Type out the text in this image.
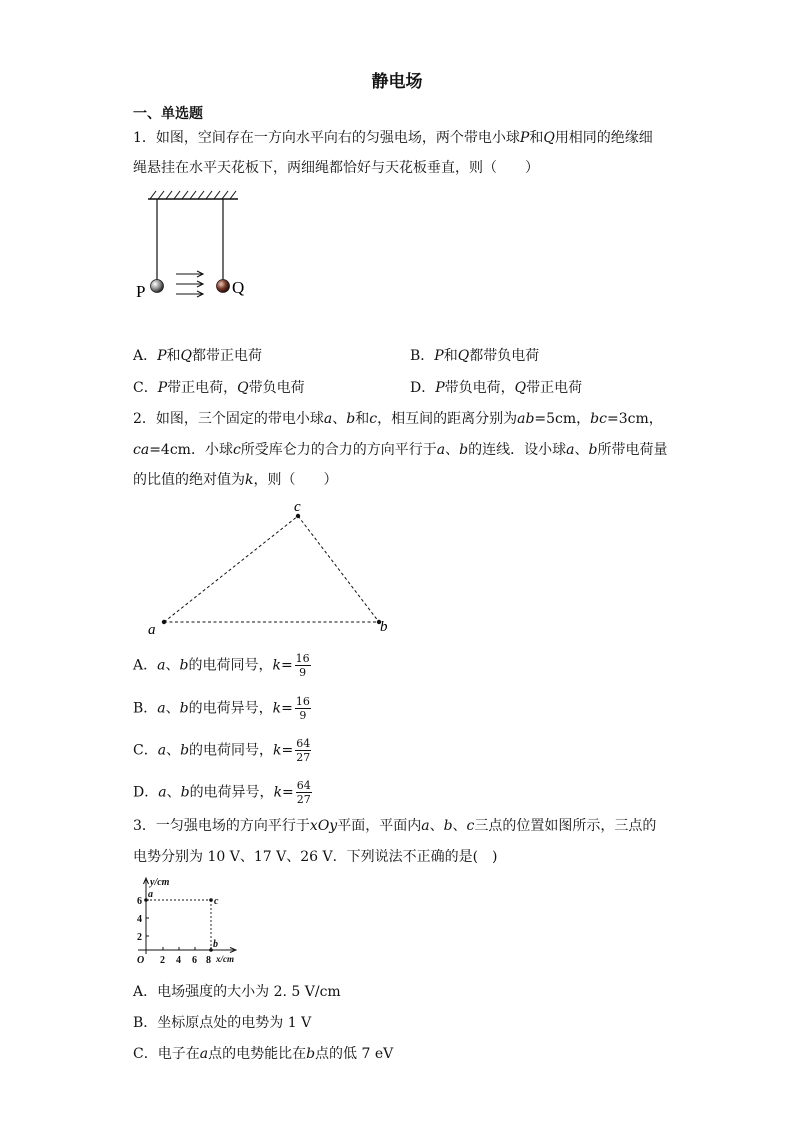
静电场
一、单选题
1．如图，空间存在一方向水平向右的匀强电场，两个带电小球P和Q用相同的绝缘细
绳悬挂在水平天花板下，两细绳都恰好与天花板垂直，则（　　）
P	Q
A．P和Q都带正电荷	B．P和Q都带负电荷
C．P带正电荷，Q带负电荷	D．P带负电荷，Q带正电荷
2．如图，三个固定的带电小球a、b和c，相互间的距离分别为ab=5cm，bc=3cm，
ca=4cm．小球c所受库仑力的合力的方向平行于a、b的连线．设小球a、b所带电荷量
的比值的绝对值为k，则（　　）
a	b
c
A．a、b的电荷同号，$k= \frac{16}{9}$
B．a、b的电荷异号，$k= \frac{16}{9}$
C．a、b的电荷同号，$k= \frac{64}{27}$
D．a、b的电荷异号，$k= \frac{64}{27}$
3．一匀强电场的方向平行于xOy平面，平面内a、b、c三点的位置如图所示，三点的
电势分别为 10 V、17 V、26 V．下列说法不正确的是(　)
y/cm
x/cm
O
2
4
6
2 4 6 8
a
c
b
A．电场强度的大小为 2. 5 V/cm
B．坐标原点处的电势为 1 V
C．电子在a点的电势能比在b点的低 7 eV
